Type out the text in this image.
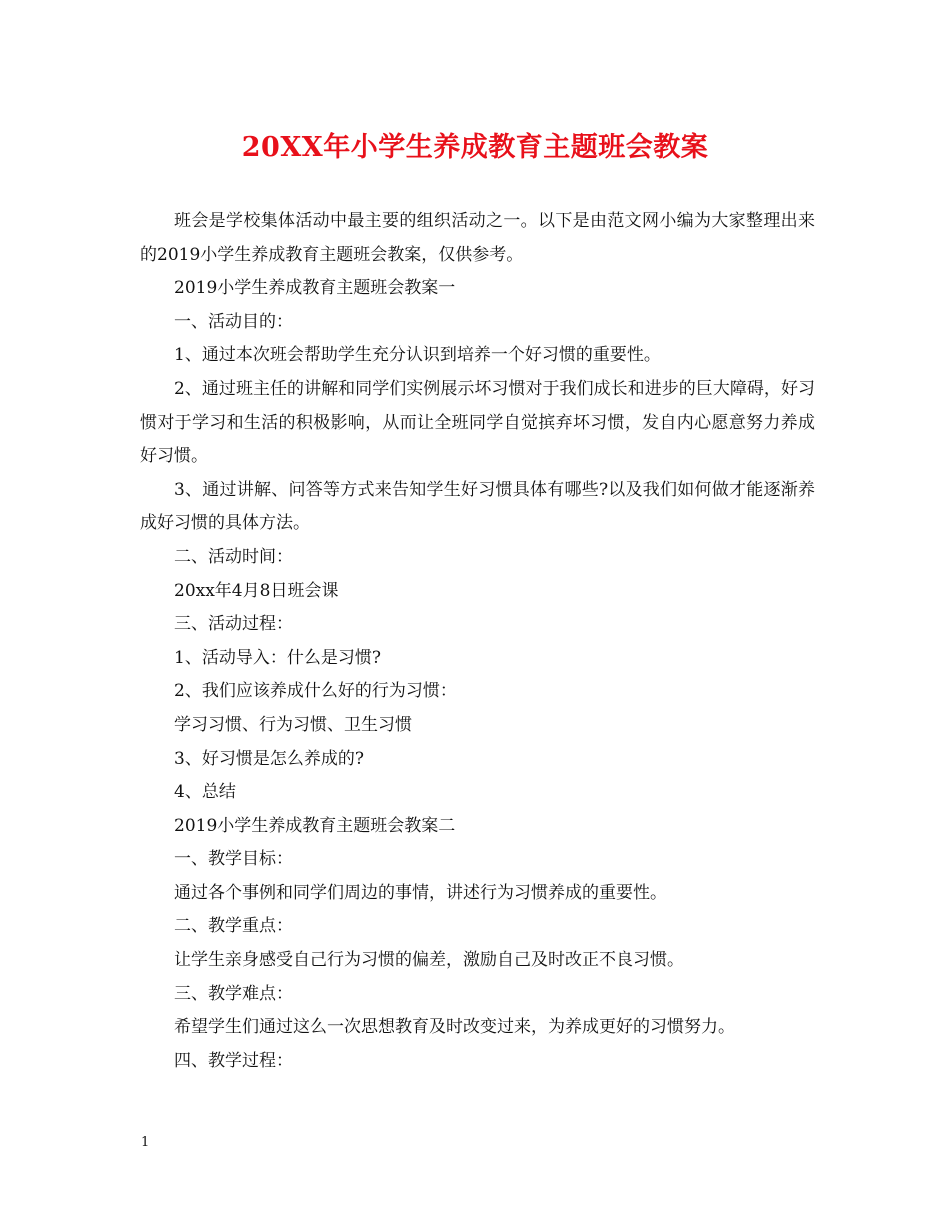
20XX年小学生养成教育主题班会教案

班会是学校集体活动中最主要的组织活动之一。以下是由范文网小编为大家整理出来的2019小学生养成教育主题班会教案，仅供参考。

2019小学生养成教育主题班会教案一

一、活动目的：

1、通过本次班会帮助学生充分认识到培养一个好习惯的重要性。

2、通过班主任的讲解和同学们实例展示坏习惯对于我们成长和进步的巨大障碍，好习惯对于学习和生活的积极影响，从而让全班同学自觉摈弃坏习惯，发自内心愿意努力养成好习惯。

3、通过讲解、问答等方式来告知学生好习惯具体有哪些?以及我们如何做才能逐渐养成好习惯的具体方法。

二、活动时间：

20xx年4月8日班会课

三、活动过程：

1、活动导入：什么是习惯?

2、我们应该养成什么好的行为习惯：

学习习惯、行为习惯、卫生习惯

3、好习惯是怎么养成的?

4、总结

2019小学生养成教育主题班会教案二

一、教学目标：

通过各个事例和同学们周边的事情，讲述行为习惯养成的重要性。

二、教学重点：

让学生亲身感受自己行为习惯的偏差，激励自己及时改正不良习惯。

三、教学难点：

希望学生们通过这么一次思想教育及时改变过来，为养成更好的习惯努力。

四、教学过程：

1
